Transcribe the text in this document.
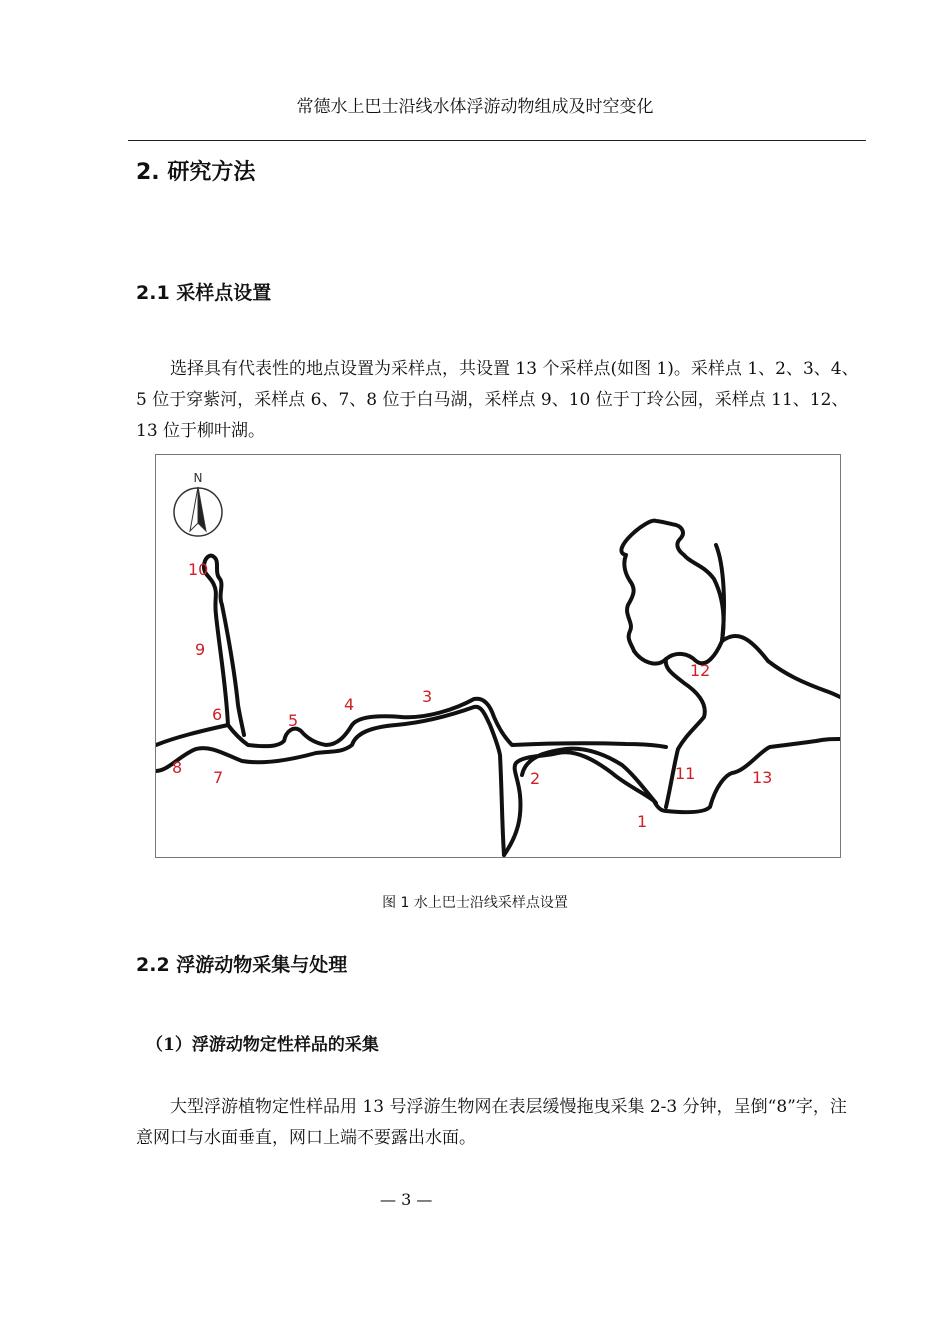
常德水上巴士沿线水体浮游动物组成及时空变化
2. 研究方法
2.1 采样点设置
选择具有代表性的地点设置为采样点，共设置 13 个采样点(如图 1)。采样点 1、2、3、4、5 位于穿紫河，采样点 6、7、8 位于白马湖，采样点 9、10 位于丁玲公园，采样点 11、12、13 位于柳叶湖。
N
1
2
3
4
5
6
7
8
9
10
11
12
13
图 1 水上巴士沿线采样点设置
2.2 浮游动物采集与处理
（1）浮游动物定性样品的采集
大型浮游植物定性样品用 13 号浮游生物网在表层缓慢拖曳采集 2-3 分钟，呈倒“8”字，注意网口与水面垂直，网口上端不要露出水面。
— 3 —
